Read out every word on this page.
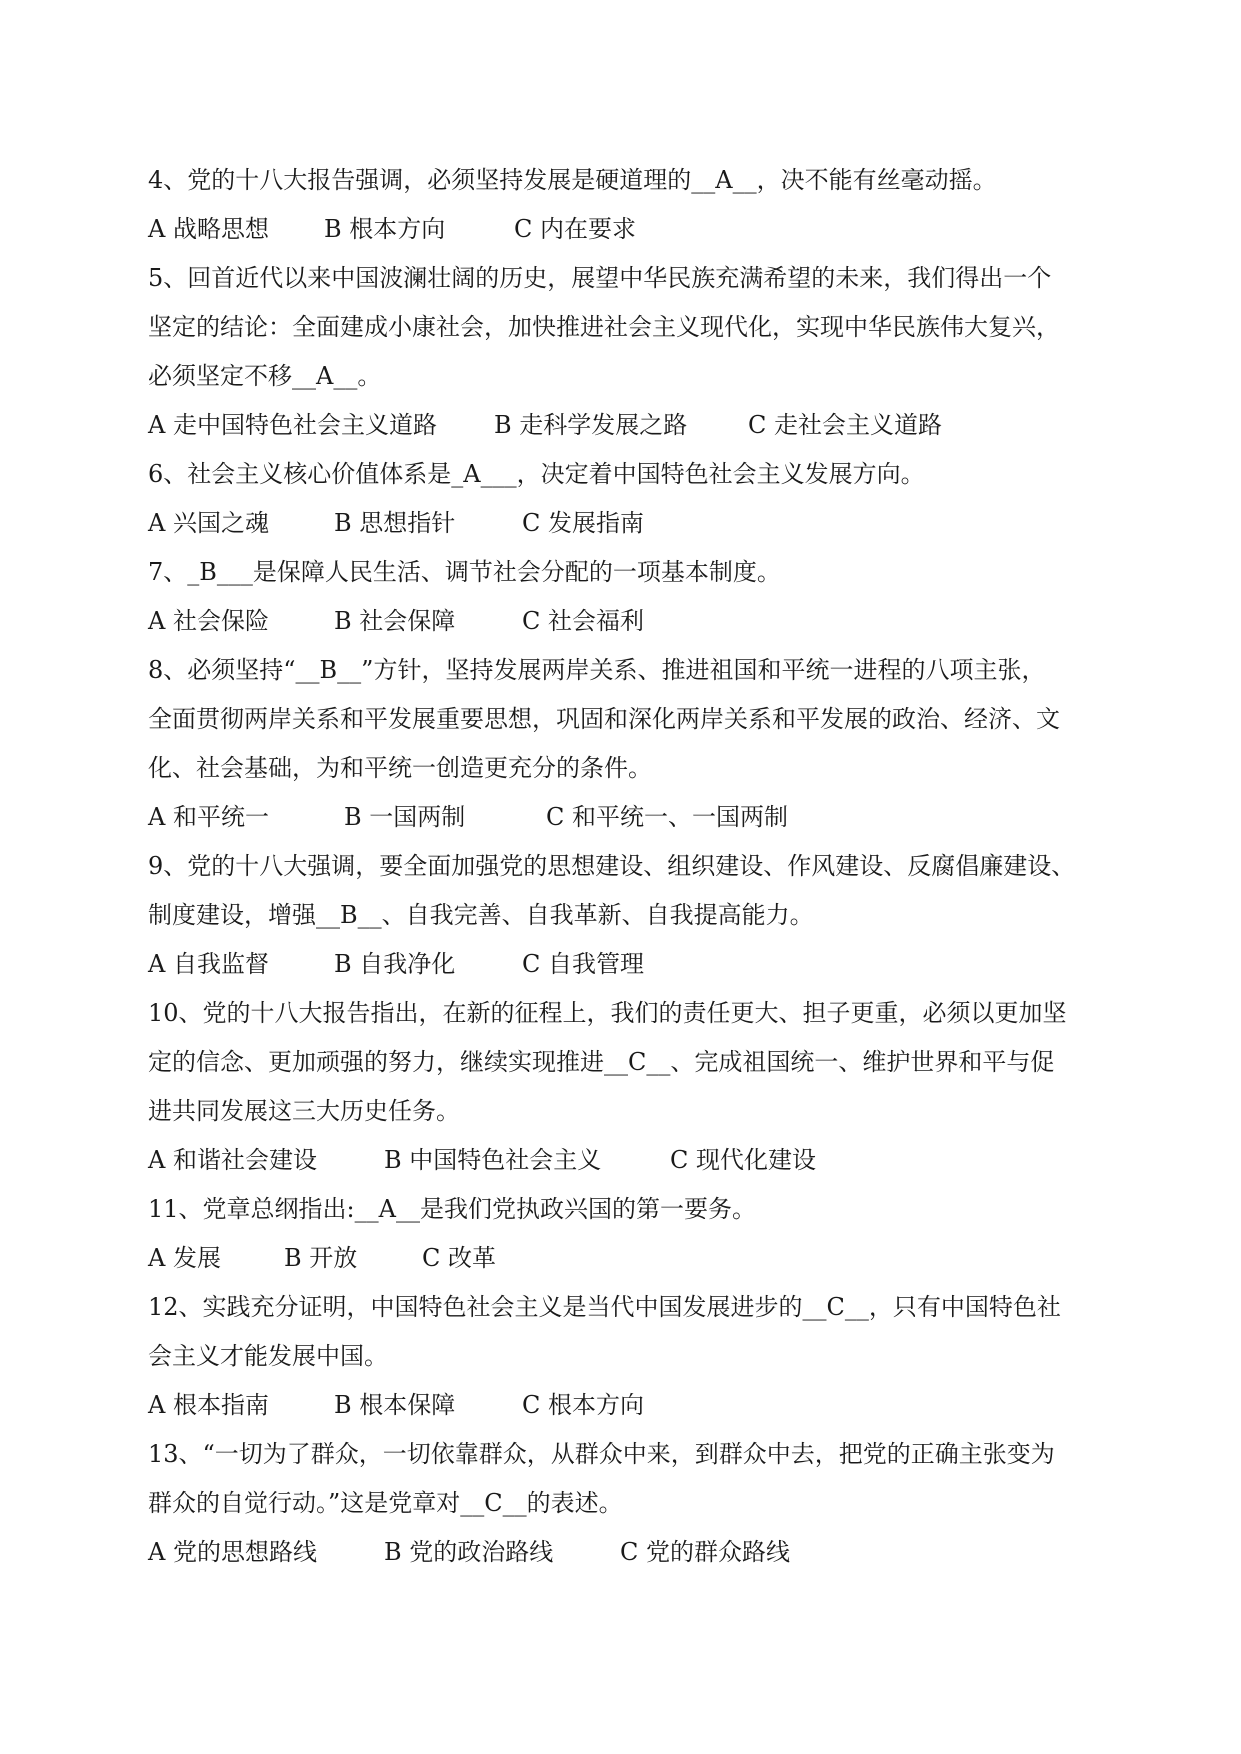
4、党的十八大报告强调，必须坚持发展是硬道理的__A__，决不能有丝毫动摇。
A 战略思想	B 根本方向	C 内在要求
5、回首近代以来中国波澜壮阔的历史，展望中华民族充满希望的未来，我们得出一个
坚定的结论：全面建成小康社会，加快推进社会主义现代化，实现中华民族伟大复兴，
必须坚定不移__A__。
A 走中国特色社会主义道路	B 走科学发展之路	C 走社会主义道路
6、社会主义核心价值体系是_A___，决定着中国特色社会主义发展方向。
A 兴国之魂	B 思想指针	C 发展指南
7、_B___是保障人民生活、调节社会分配的一项基本制度。
A 社会保险	B 社会保障	C 社会福利
8、必须坚持“__B__”方针，坚持发展两岸关系、推进祖国和平统一进程的八项主张，
全面贯彻两岸关系和平发展重要思想，巩固和深化两岸关系和平发展的政治、经济、文
化、社会基础，为和平统一创造更充分的条件。
A 和平统一	B 一国两制	C 和平统一、一国两制
9、党的十八大强调，要全面加强党的思想建设、组织建设、作风建设、反腐倡廉建设、
制度建设，增强__B__、自我完善、自我革新、自我提高能力。
A 自我监督	B 自我净化	C 自我管理
10、党的十八大报告指出，在新的征程上，我们的责任更大、担子更重，必须以更加坚
定的信念、更加顽强的努力，继续实现推进__C__、完成祖国统一、维护世界和平与促
进共同发展这三大历史任务。
A 和谐社会建设	B 中国特色社会主义	C 现代化建设
11、党章总纲指出:__A__是我们党执政兴国的第一要务。
A 发展	B 开放	C 改革
12、实践充分证明，中国特色社会主义是当代中国发展进步的__C__，只有中国特色社
会主义才能发展中国。
A 根本指南	B 根本保障	C 根本方向
13、“一切为了群众，一切依靠群众，从群众中来，到群众中去，把党的正确主张变为
群众的自觉行动。”这是党章对__C__的表述。
A 党的思想路线	B 党的政治路线	C 党的群众路线
